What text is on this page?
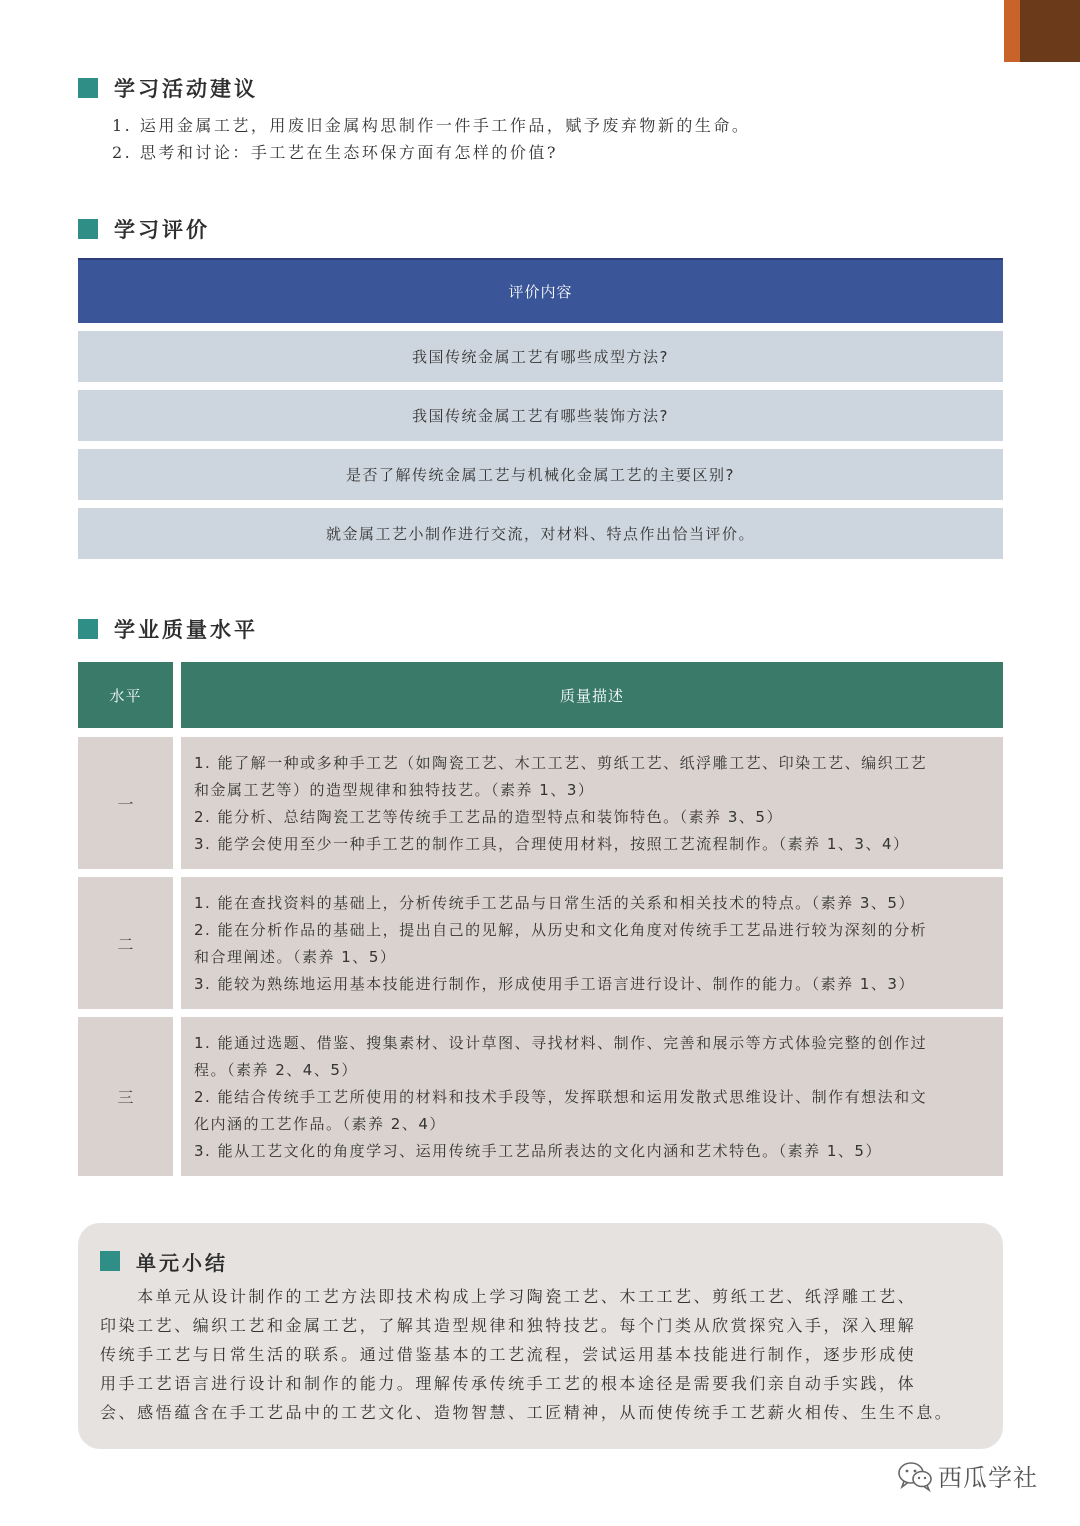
学习活动建议
1. 运用金属工艺，用废旧金属构思制作一件手工作品，赋予废弃物新的生命。
2. 思考和讨论：手工艺在生态环保方面有怎样的价值?
学习评价
评价内容
我国传统金属工艺有哪些成型方法?
我国传统金属工艺有哪些装饰方法?
是否了解传统金属工艺与机械化金属工艺的主要区别?
就金属工艺小制作进行交流，对材料、特点作出恰当评价。
学业质量水平
水平	质量描述
一
1. 能了解一种或多种手工艺（如陶瓷工艺、木工工艺、剪纸工艺、纸浮雕工艺、印染工艺、编织工艺
和金属工艺等）的造型规律和独特技艺。（素养 1、3）
2. 能分析、总结陶瓷工艺等传统手工艺品的造型特点和装饰特色。（素养 3、5）
3. 能学会使用至少一种手工艺的制作工具，合理使用材料，按照工艺流程制作。（素养 1、3、4）
二
1. 能在查找资料的基础上，分析传统手工艺品与日常生活的关系和相关技术的特点。（素养 3、5）
2. 能在分析作品的基础上，提出自己的见解，从历史和文化角度对传统手工艺品进行较为深刻的分析
和合理阐述。（素养 1、5）
3. 能较为熟练地运用基本技能进行制作，形成使用手工语言进行设计、制作的能力。（素养 1、3）
三
1. 能通过选题、借鉴、搜集素材、设计草图、寻找材料、制作、完善和展示等方式体验完整的创作过
程。（素养 2、4、5）
2. 能结合传统手工艺所使用的材料和技术手段等，发挥联想和运用发散式思维设计、制作有想法和文
化内涵的工艺作品。（素养 2、4）
3. 能从工艺文化的角度学习、运用传统手工艺品所表达的文化内涵和艺术特色。（素养 1、5）
单元小结
　　本单元从设计制作的工艺方法即技术构成上学习陶瓷工艺、木工工艺、剪纸工艺、纸浮雕工艺、
印染工艺、编织工艺和金属工艺，了解其造型规律和独特技艺。每个门类从欣赏探究入手，深入理解
传统手工艺与日常生活的联系。通过借鉴基本的工艺流程，尝试运用基本技能进行制作，逐步形成使
用手工艺语言进行设计和制作的能力。理解传承传统手工艺的根本途径是需要我们亲自动手实践，体
会、感悟蕴含在手工艺品中的工艺文化、造物智慧、工匠精神，从而使传统手工艺薪火相传、生生不息。
西瓜学社
